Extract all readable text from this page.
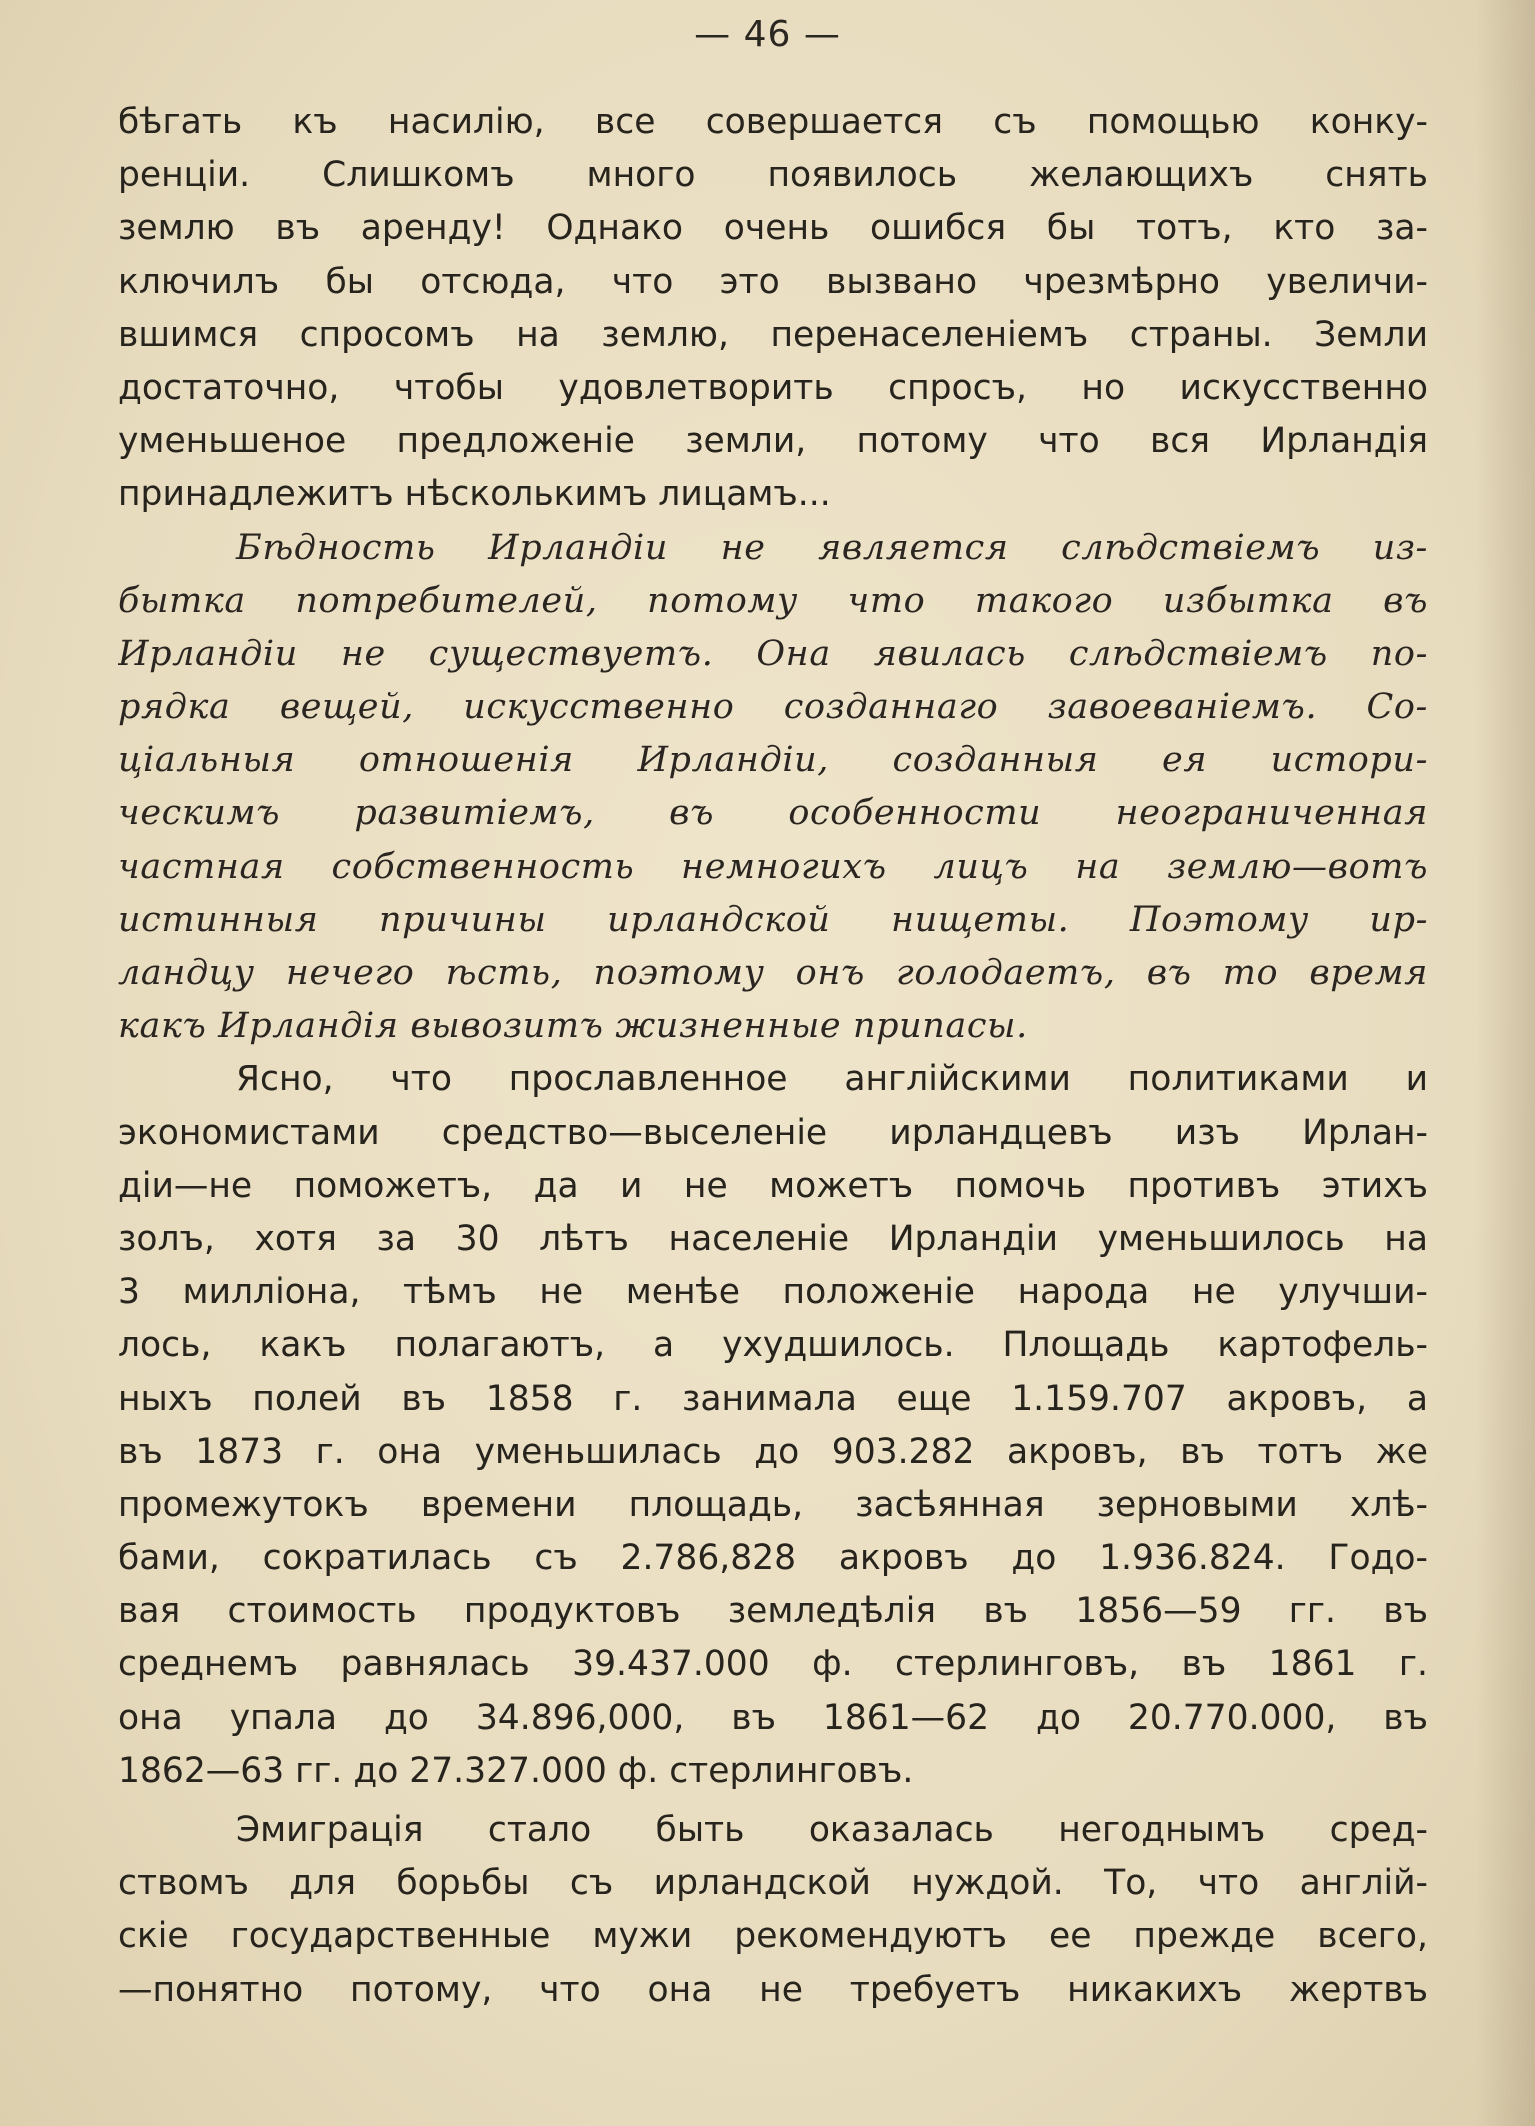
— 46 —
бѣгать къ насилію, все совершается съ помощью конку-
ренціи. Слишкомъ много появилось желающихъ снять
землю въ аренду! Однако очень ошибся бы тотъ, кто за-
ключилъ бы отсюда, что это вызвано чрезмѣрно увеличи-
вшимся спросомъ на землю, перенаселеніемъ страны. Земли
достаточно, чтобы удовлетворить спросъ, но искусственно
уменьшеное предложеніе земли, потому что вся Ирландія
принадлежитъ нѣсколькимъ лицамъ...
Бѣдность Ирландіи не является слѣдствіемъ из-
бытка потребителей, потому что такого избытка въ
Ирландіи не существуетъ. Она явилась слѣдствіемъ по-
рядка вещей, искусственно созданнаго завоеваніемъ. Со-
ціальныя отношенія Ирландіи, созданныя ея истори-
ческимъ развитіемъ, въ особенности неограниченная
частная собственность немногихъ лицъ на землю—вотъ
истинныя причины ирландской нищеты. Поэтому ир-
ландцу нечего ѣсть, поэтому онъ голодаетъ, въ то время
какъ Ирландія вывозитъ жизненные припасы.
Ясно, что прославленное англійскими политиками и
экономистами средство—выселеніе ирландцевъ изъ Ирлан-
діи—не поможетъ, да и не можетъ помочь противъ этихъ
золъ, хотя за 30 лѣтъ населеніе Ирландіи уменьшилось на
3 милліона, тѣмъ не менѣе положеніе народа не улучши-
лось, какъ полагаютъ, а ухудшилось. Площадь картофель-
ныхъ полей въ 1858 г. занимала еще 1.159.707 акровъ, а
въ 1873 г. она уменьшилась до 903.282 акровъ, въ тотъ же
промежутокъ времени площадь, засѣянная зерновыми хлѣ-
бами, сократилась съ 2.786,828 акровъ до 1.936.824. Годо-
вая стоимость продуктовъ земледѣлія въ 1856—59 гг. въ
среднемъ равнялась 39.437.000 ф. стерлинговъ, въ 1861 г.
она упала до 34.896,000, въ 1861—62 до 20.770.000, въ
1862—63 гг. до 27.327.000 ф. стерлинговъ.
Эмиграція стало быть оказалась негоднымъ сред-
ствомъ для борьбы съ ирландской нуждой. То, что англій-
скіе государственные мужи рекомендуютъ ее прежде всего,
—понятно потому, что она не требуетъ никакихъ жертвъ
